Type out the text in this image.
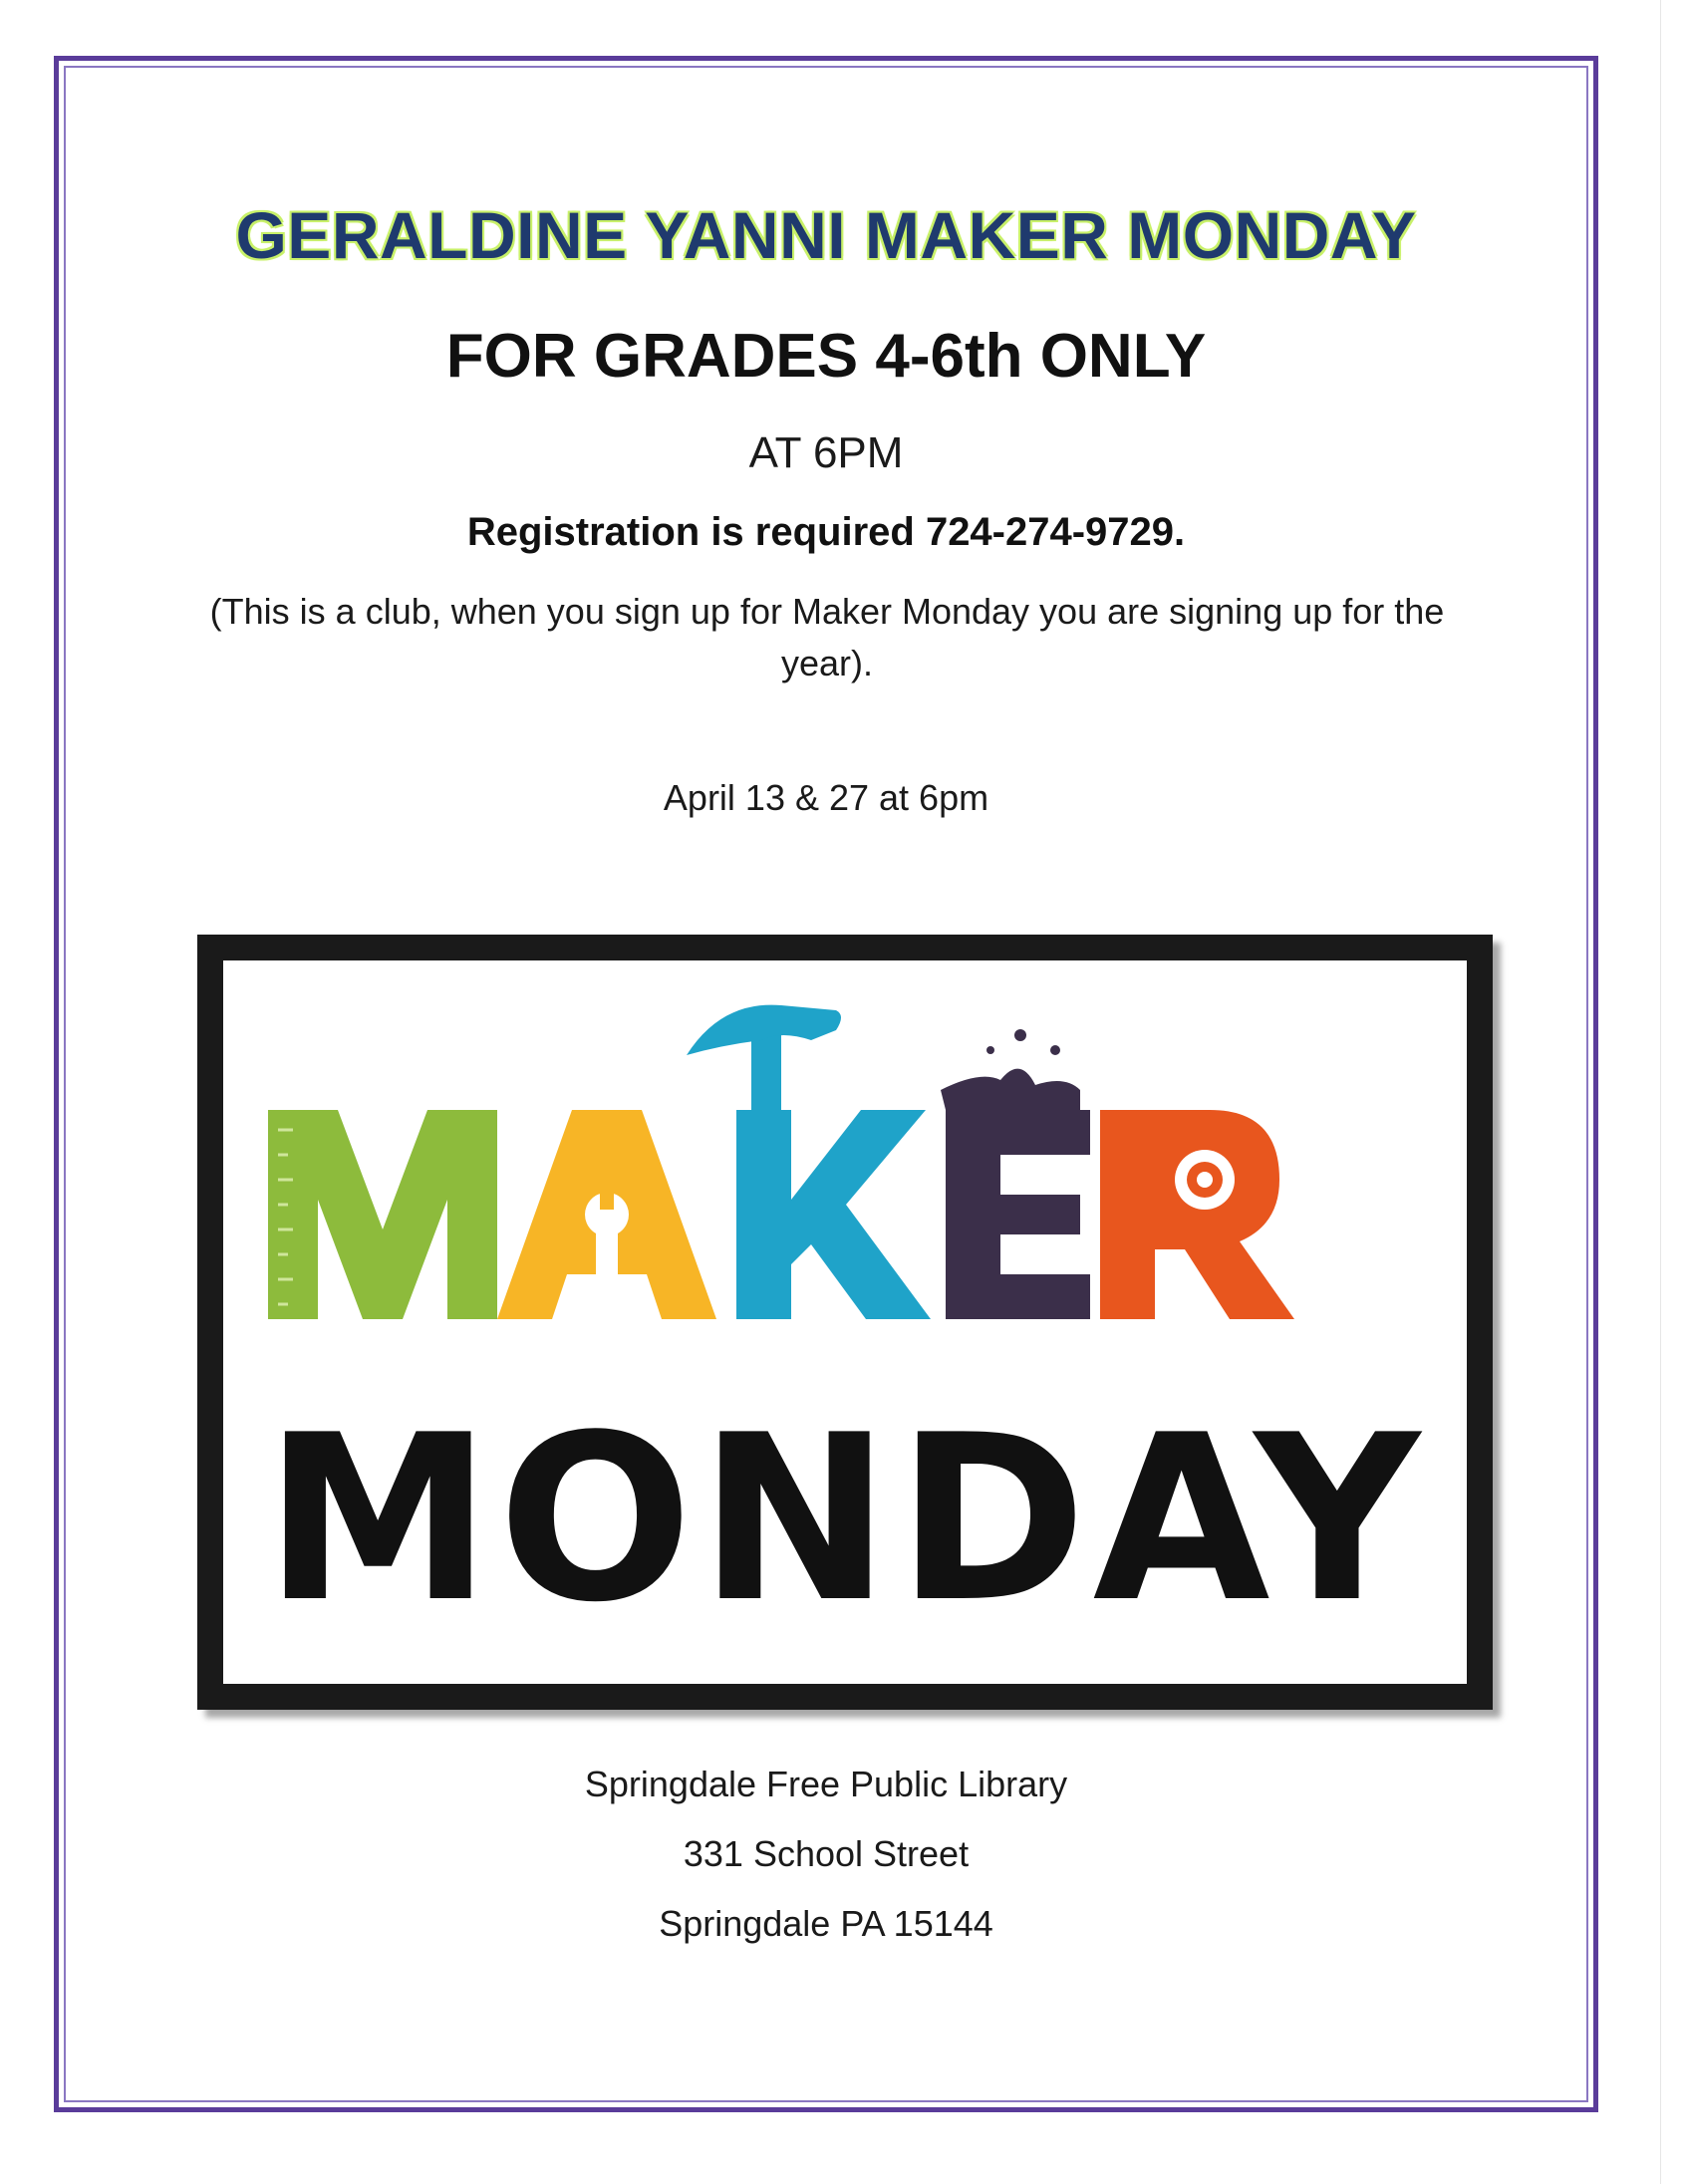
GERALDINE YANNI MAKER MONDAY
FOR GRADES 4-6th ONLY
AT 6PM
Registration is required 724-274-9729.
(This is a club, when you sign up for Maker Monday you are signing up for the year).
April 13 & 27 at 6pm
MONDAY
Springdale Free Public Library
331 School Street
Springdale PA 15144
